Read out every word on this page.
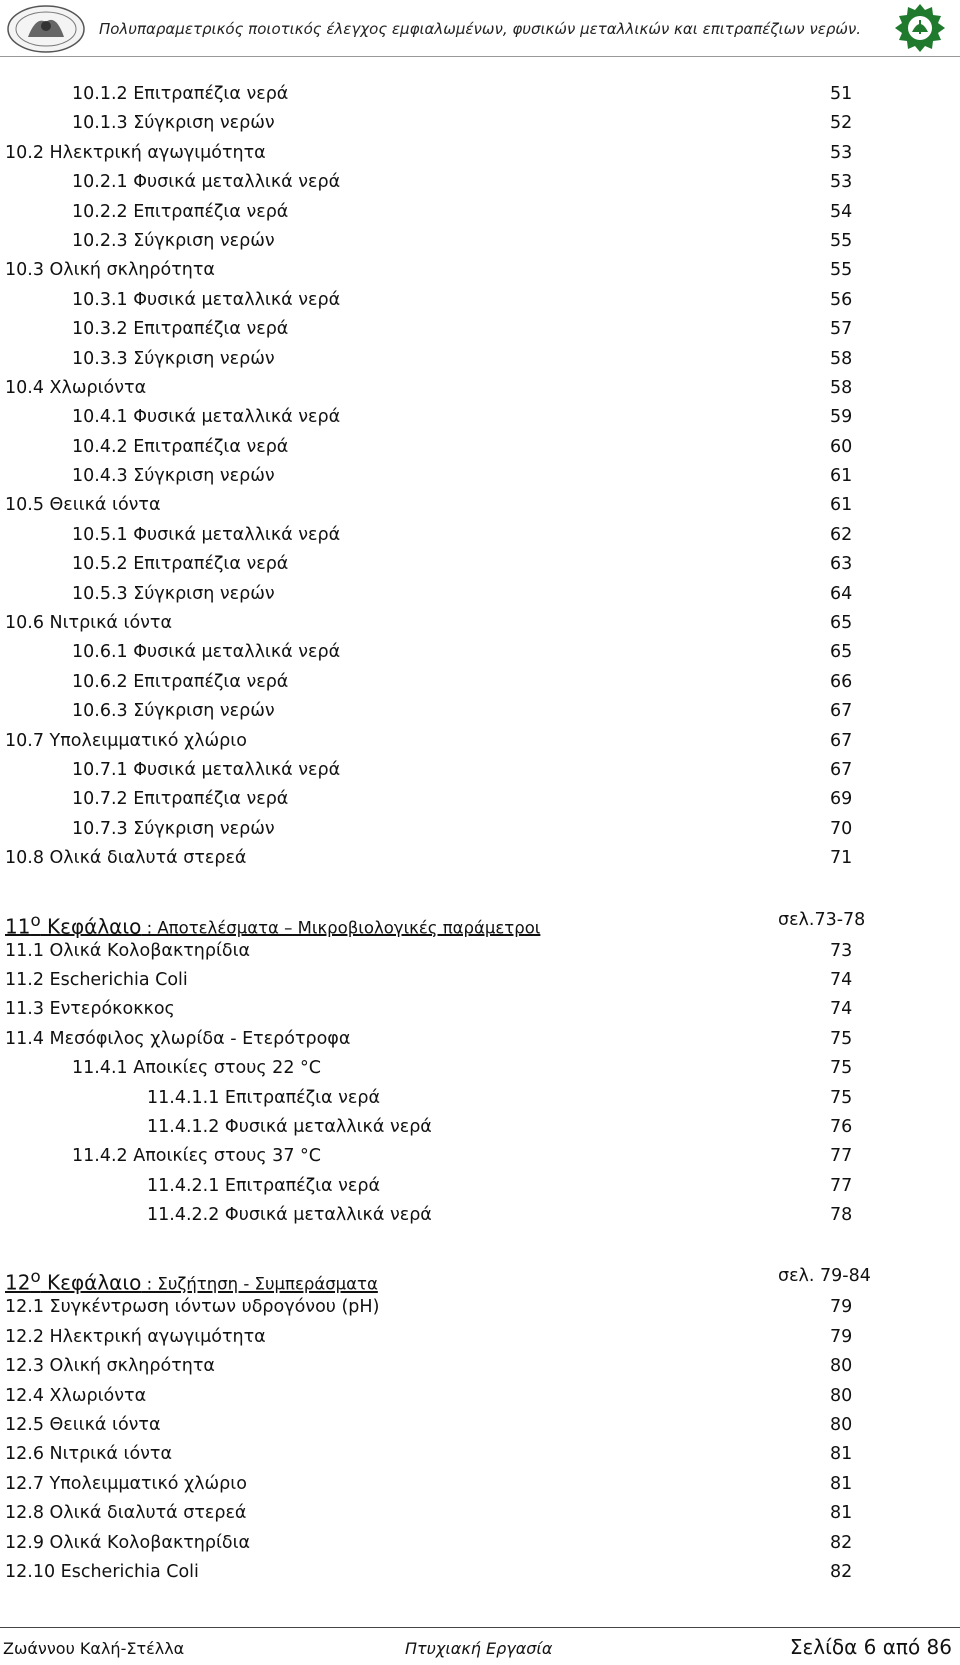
Πολυπαραμετρικός ποιοτικός έλεγχος εμφιαλωμένων, φυσικών μεταλλικών και επιτραπέζιων νερών.
10.1.2 Επιτραπέζια νερά	51
10.1.3 Σύγκριση νερών	52
10.2 Ηλεκτρική αγωγιμότητα	53
10.2.1 Φυσικά μεταλλικά νερά	53
10.2.2 Επιτραπέζια νερά	54
10.2.3 Σύγκριση νερών	55
10.3 Ολική σκληρότητα	55
10.3.1 Φυσικά μεταλλικά νερά	56
10.3.2 Επιτραπέζια νερά	57
10.3.3 Σύγκριση νερών	58
10.4 Χλωριόντα	58
10.4.1 Φυσικά μεταλλικά νερά	59
10.4.2 Επιτραπέζια νερά	60
10.4.3 Σύγκριση νερών	61
10.5 Θειικά ιόντα	61
10.5.1 Φυσικά μεταλλικά νερά	62
10.5.2 Επιτραπέζια νερά	63
10.5.3 Σύγκριση νερών	64
10.6 Νιτρικά ιόντα	65
10.6.1 Φυσικά μεταλλικά νερά	65
10.6.2 Επιτραπέζια νερά	66
10.6.3 Σύγκριση νερών	67
10.7 Υπολειμματικό χλώριο	67
10.7.1 Φυσικά μεταλλικά νερά	67
10.7.2 Επιτραπέζια νερά	69
10.7.3 Σύγκριση νερών	70
10.8 Ολικά διαλυτά στερεά	71
$11^o$ Κεφάλαιο : Αποτελέσματα – Μικροβιολογικές παράμετροι	σελ.73-78
11.1 Ολικά Κολοβακτηρίδια	73
11.2 Escherichia Coli	74
11.3 Εντερόκοκκος	74
11.4 Μεσόφιλος χλωρίδα - Ετερότροφα	75
11.4.1 Αποικίες στους 22 °C	75
11.4.1.1 Επιτραπέζια νερά	75
11.4.1.2 Φυσικά μεταλλικά νερά	76
11.4.2 Αποικίες στους 37 °C	77
11.4.2.1 Επιτραπέζια νερά	77
11.4.2.2 Φυσικά μεταλλικά νερά	78
$12^o$ Κεφάλαιο : Συζήτηση - Συμπεράσματα	σελ. 79-84
12.1 Συγκέντρωση ιόντων υδρογόνου (pH)	79
12.2 Ηλεκτρική αγωγιμότητα	79
12.3 Ολική σκληρότητα	80
12.4 Χλωριόντα	80
12.5 Θειικά ιόντα	80
12.6 Νιτρικά ιόντα	81
12.7 Υπολειμματικό χλώριο	81
12.8 Ολικά διαλυτά στερεά	81
12.9 Ολικά Κολοβακτηρίδια	82
12.10 Escherichia Coli	82
Ζωάννου Καλή-Στέλλα	Πτυχιακή Εργασία	Σελίδα 6 από 86
